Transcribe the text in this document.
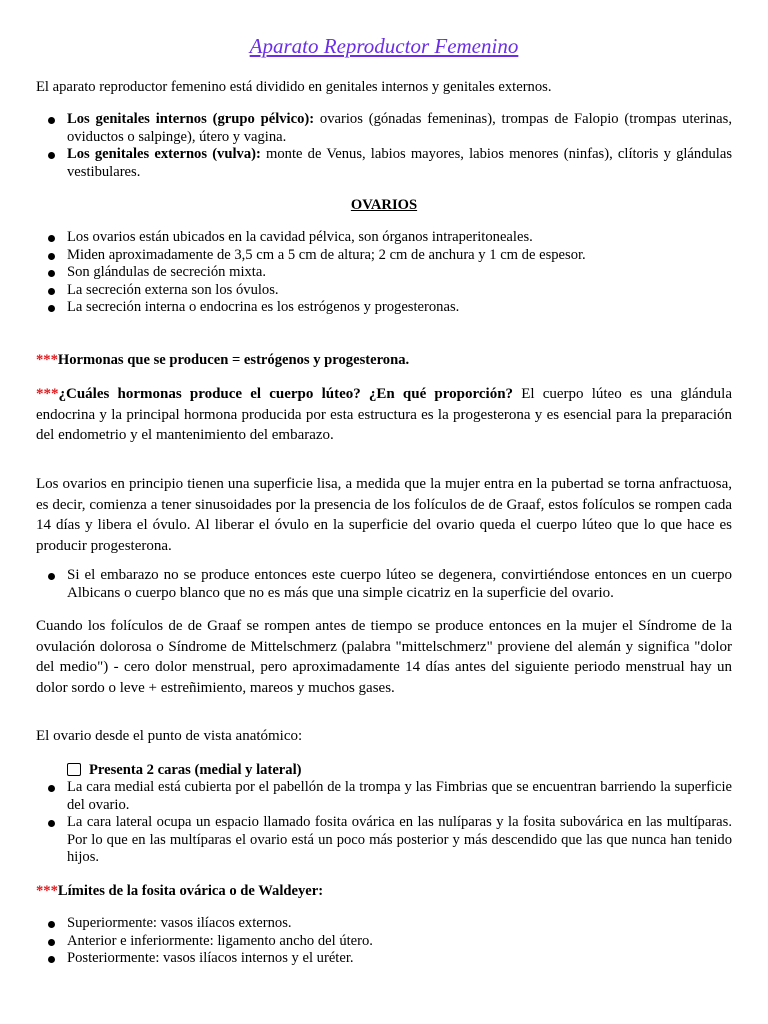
Aparato Reproductor Femenino
El aparato reproductor femenino está dividido en genitales internos y genitales externos.
Los genitales internos (grupo pélvico): ovarios (gónadas femeninas), trompas de Falopio (trompas uterinas, oviductos o salpinge), útero y vagina.
Los genitales externos (vulva): monte de Venus, labios mayores, labios menores (ninfas), clítoris y glándulas vestibulares.
OVARIOS
Los ovarios están ubicados en la cavidad pélvica, son órganos intraperitoneales.
Miden aproximadamente de 3,5 cm a 5 cm de altura; 2 cm de anchura y 1 cm de espesor.
Son glándulas de secreción mixta.
La secreción externa son los óvulos.
La secreción interna o endocrina es los estrógenos y progesteronas.
***Hormonas que se producen = estrógenos y progesterona.
***¿Cuáles hormonas produce el cuerpo lúteo? ¿En qué proporción? El cuerpo lúteo es una glándula endocrina y la principal hormona producida por esta estructura es la progesterona y es esencial para la preparación del endometrio y el mantenimiento del embarazo.
Los ovarios en principio tienen una superficie lisa, a medida que la mujer entra en la pubertad se torna anfractuosa, es decir, comienza a tener sinusoidades por la presencia de los folículos de de Graaf, estos folículos se rompen cada 14 días y libera el óvulo. Al liberar el óvulo en la superficie del ovario queda el cuerpo lúteo que lo que hace es producir progesterona.
Si el embarazo no se produce entonces este cuerpo lúteo se degenera, convirtiéndose entonces en un cuerpo Albicans o cuerpo blanco que no es más que una simple cicatriz en la superficie del ovario.
Cuando los folículos de de Graaf se rompen antes de tiempo se produce entonces en la mujer el Síndrome de la ovulación dolorosa o Síndrome de Mittelschmerz (palabra "mittelschmerz" proviene del alemán y significa "dolor del medio") - cero dolor menstrual, pero aproximadamente 14 días antes del siguiente periodo menstrual hay un dolor sordo o leve + estreñimiento, mareos y muchos gases.
El ovario desde el punto de vista anatómico:
Presenta 2 caras (medial y lateral)
La cara medial está cubierta por el pabellón de la trompa y las Fimbrias que se encuentran barriendo la superficie del ovario.
La cara lateral ocupa un espacio llamado fosita ovárica en las nulíparas y la fosita subovárica en las multíparas. Por lo que en las multíparas el ovario está un poco más posterior y más descendido que las que nunca han tenido hijos.
***Límites de la fosita ovárica o de Waldeyer:
Superiormente: vasos ilíacos externos.
Anterior e inferiormente: ligamento ancho del útero.
Posteriormente: vasos ilíacos internos y el uréter.
